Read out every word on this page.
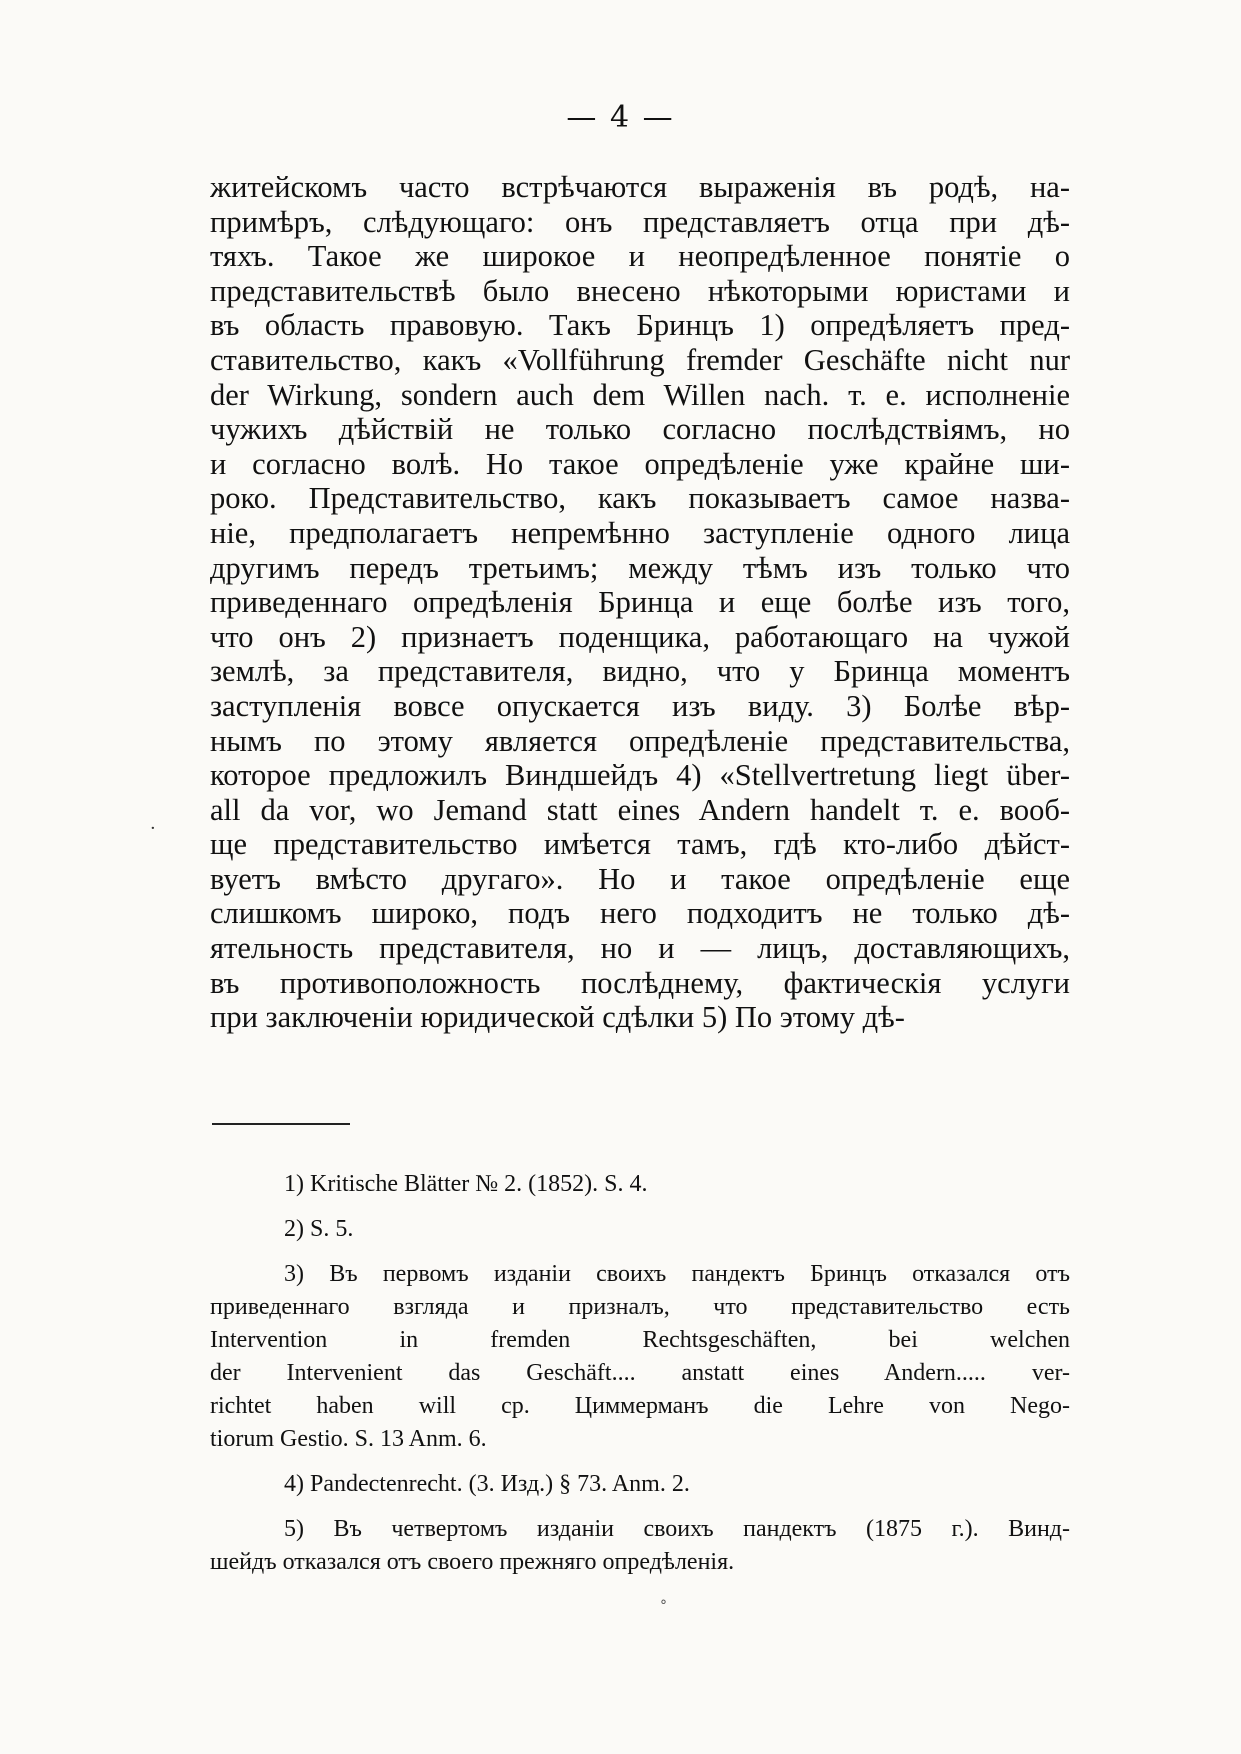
— 4 —
·
житейскомъ часто встрѣчаются выраженія въ родѣ, на-
примѣръ, слѣдующаго: онъ представляетъ отца при дѣ-
тяхъ. Такое же широкое и неопредѣленное понятіе о
представительствѣ было внесено нѣкоторыми юристами и
въ область правовую. Такъ Бринцъ 1) опредѣляетъ пред-
ставительство, какъ «Vollführung fremder Geschäfte nicht nur
der Wirkung, sondern auch dem Willen nach. т. е. исполненіе
чужихъ дѣйствій не только согласно послѣдствіямъ, но
и согласно волѣ. Но такое опредѣленіе уже крайне ши-
роко. Представительство, какъ показываетъ самое назва-
ніе, предполагаетъ непремѣнно заступленіе одного лица
другимъ передъ третьимъ; между тѣмъ изъ только что
приведеннаго опредѣленія Бринца и еще болѣе изъ того,
что онъ 2) признаетъ поденщика, работающаго на чужой
землѣ, за представителя, видно, что у Бринца моментъ
заступленія вовсе опускается изъ виду. 3) Болѣе вѣр-
нымъ по этому является опредѣленіе представительства,
которое предложилъ Виндшейдъ 4) «Stellvertretung liegt über-
all da vor, wo Jemand statt eines Andern handelt т. е. вооб-
ще представительство имѣется тамъ, гдѣ кто-либо дѣйст-
вуетъ вмѣсто другаго». Но и такое опредѣленіе еще
слишкомъ широко, подъ него подходитъ не только дѣ-
ятельность представителя, но и — лицъ, доставляющихъ,
въ противоположность послѣднему, фактическія услуги
при заключеніи юридической сдѣлки 5) По этому дѣ-
1) Kritische Blätter № 2. (1852). S. 4.
2) S. 5.
3) Въ первомъ изданіи своихъ пандектъ Бринцъ отказался отъ
приведеннаго взгляда и призналъ, что представительство есть
Intervention in fremden Rechtsgeschäften, bei welchen
der Intervenient das Geschäft.... anstatt eines Andern..... ver-
richtet haben will ср. Циммерманъ die Lehre von Nego-
tiorum Gestio. S. 13 Anm. 6.
4) Pandectenrecht. (3. Изд.) § 73. Anm. 2.
5) Въ четвертомъ изданіи своихъ пандектъ (1875 г.). Винд-
шейдъ отказался отъ своего прежняго опредѣленія.
°
